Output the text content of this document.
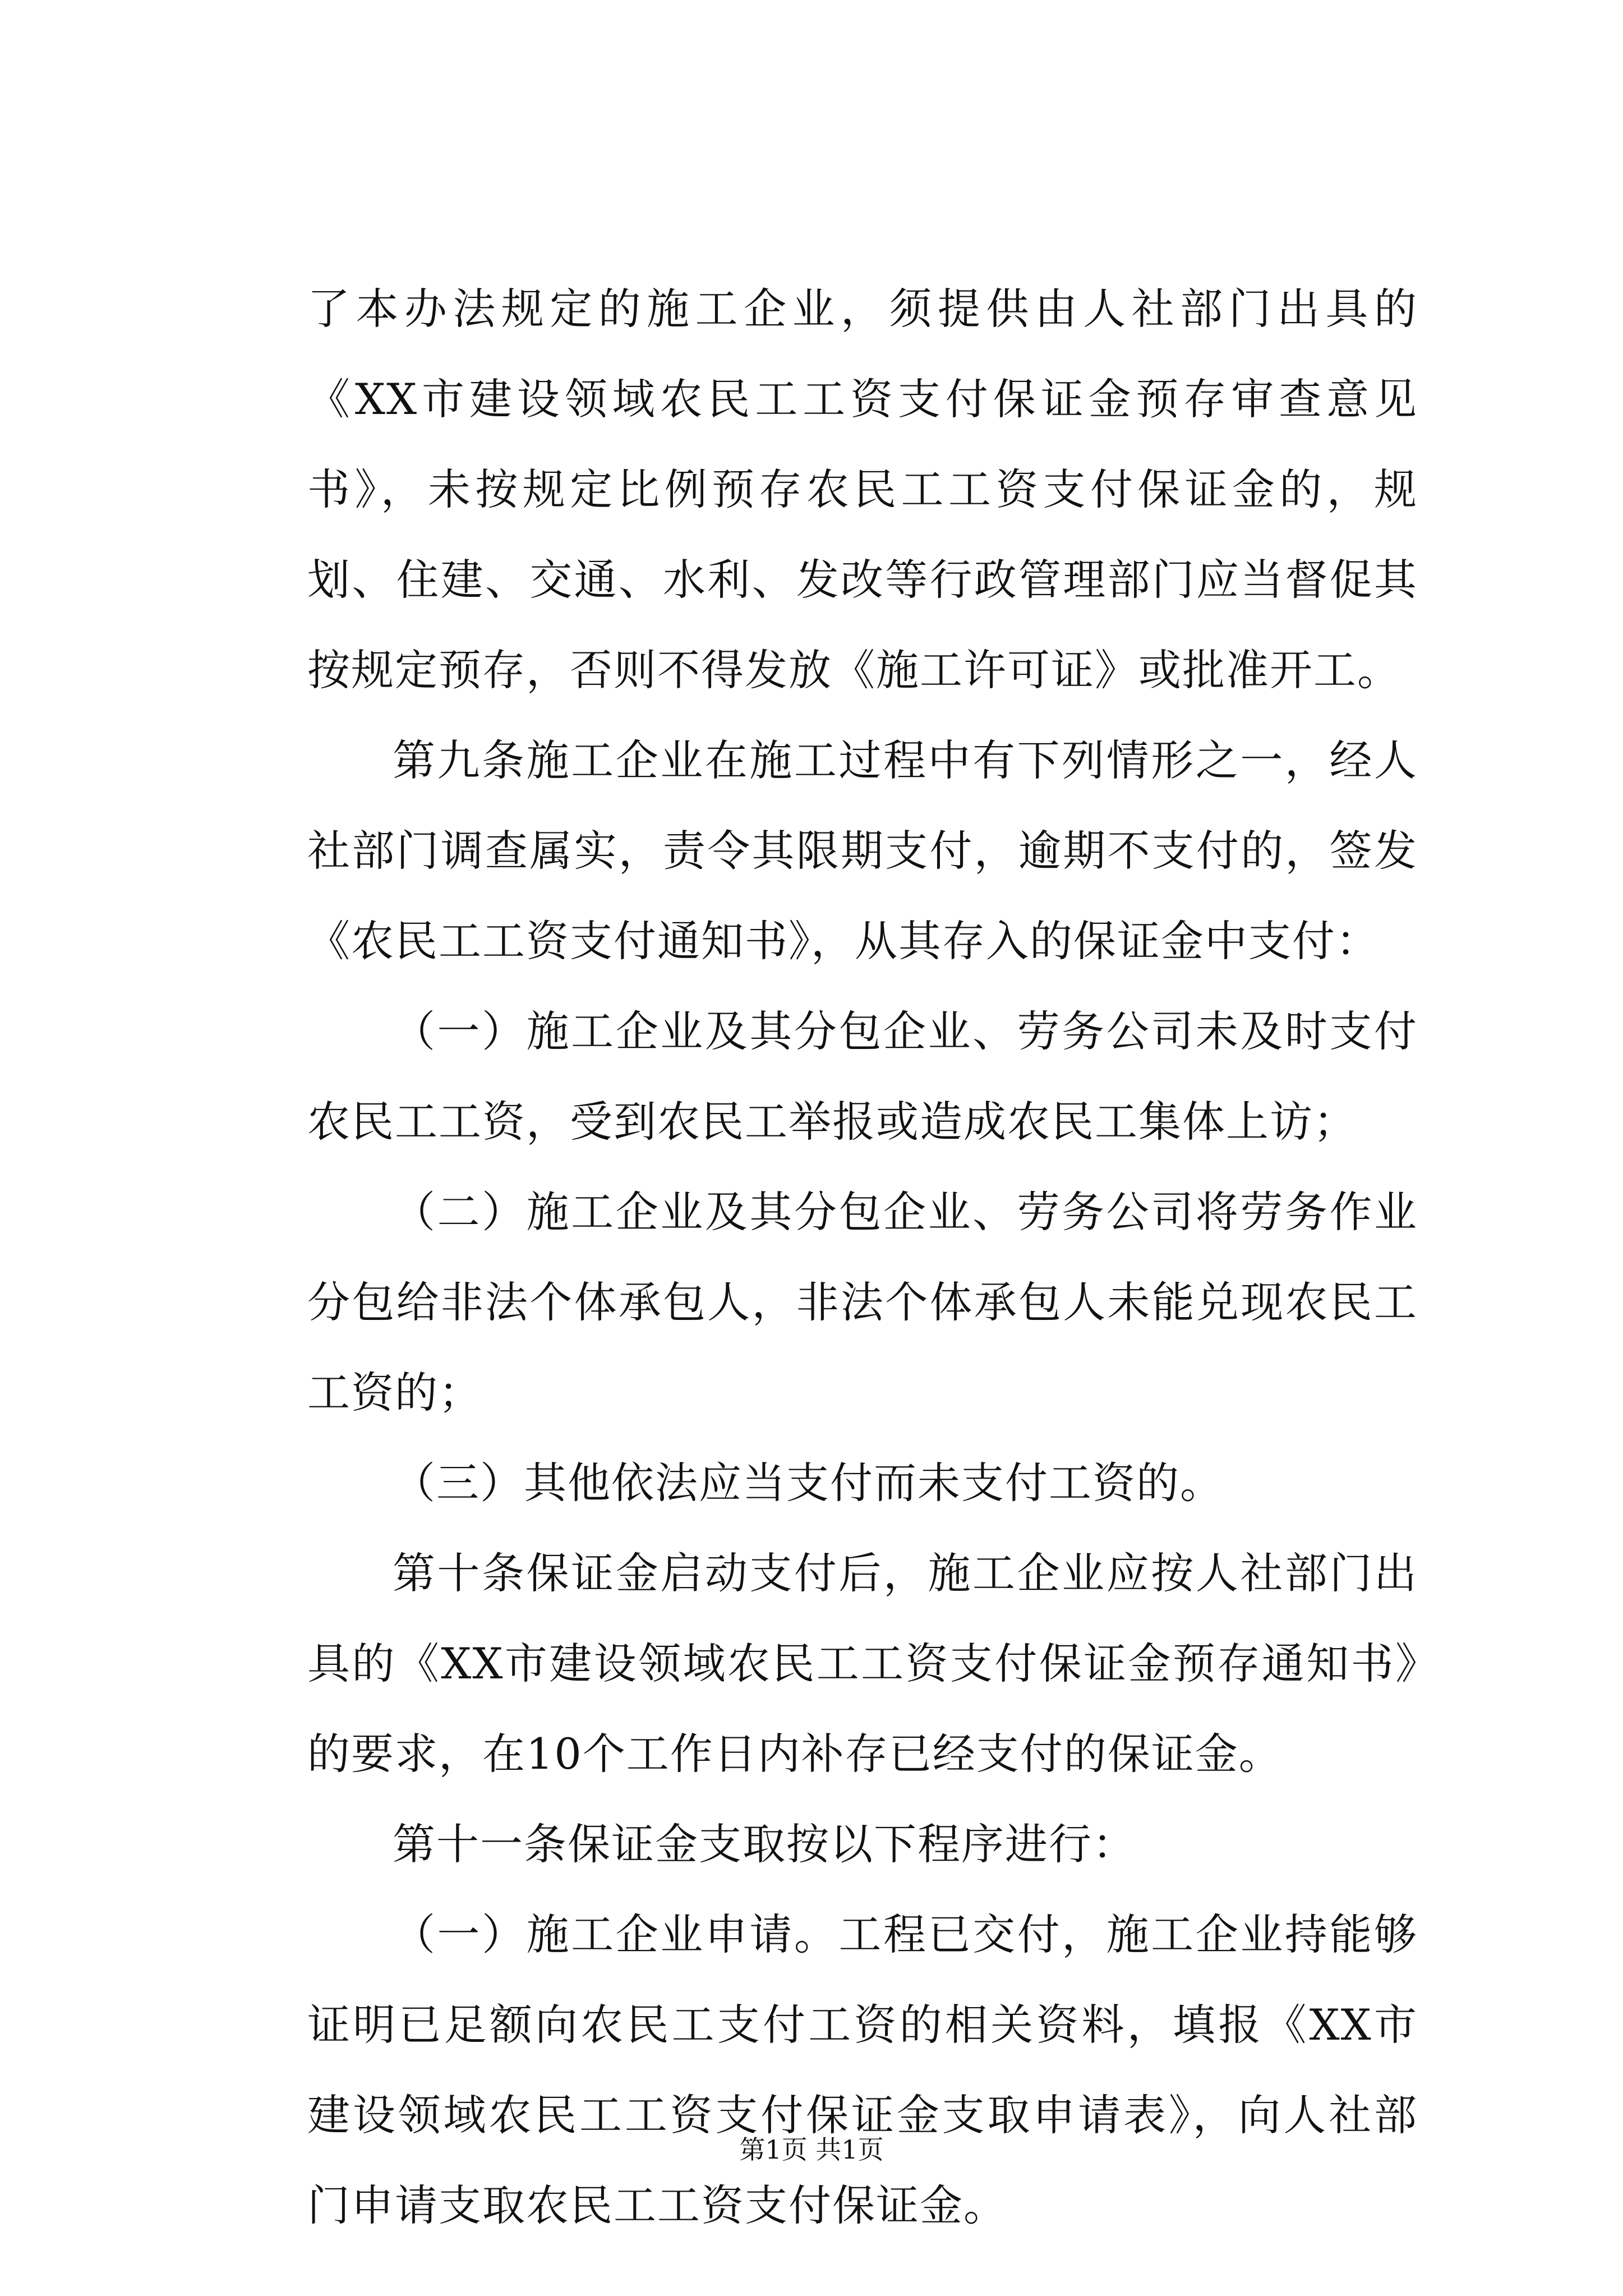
了本办法规定的施工企业，须提供由人社部门出具的《XX市建设领域农民工工资支付保证金预存审查意见书》，未按规定比例预存农民工工资支付保证金的，规划、住建、交通、水利、发改等行政管理部门应当督促其按规定预存，否则不得发放《施工许可证》或批准开工。

第九条施工企业在施工过程中有下列情形之一，经人社部门调查属实，责令其限期支付，逾期不支付的，签发《农民工工资支付通知书》，从其存入的保证金中支付：

（一）施工企业及其分包企业、劳务公司未及时支付农民工工资，受到农民工举报或造成农民工集体上访；

（二）施工企业及其分包企业、劳务公司将劳务作业分包给非法个体承包人，非法个体承包人未能兑现农民工工资的；

（三）其他依法应当支付而未支付工资的。

第十条保证金启动支付后，施工企业应按人社部门出具的《XX市建设领域农民工工资支付保证金预存通知书》的要求，在10个工作日内补存已经支付的保证金。

第十一条保证金支取按以下程序进行：

（一）施工企业申请。工程已交付，施工企业持能够证明已足额向农民工支付工资的相关资料，填报《XX市建设领域农民工工资支付保证金支取申请表》，向人社部门申请支取农民工工资支付保证金。

第1页 共1页
